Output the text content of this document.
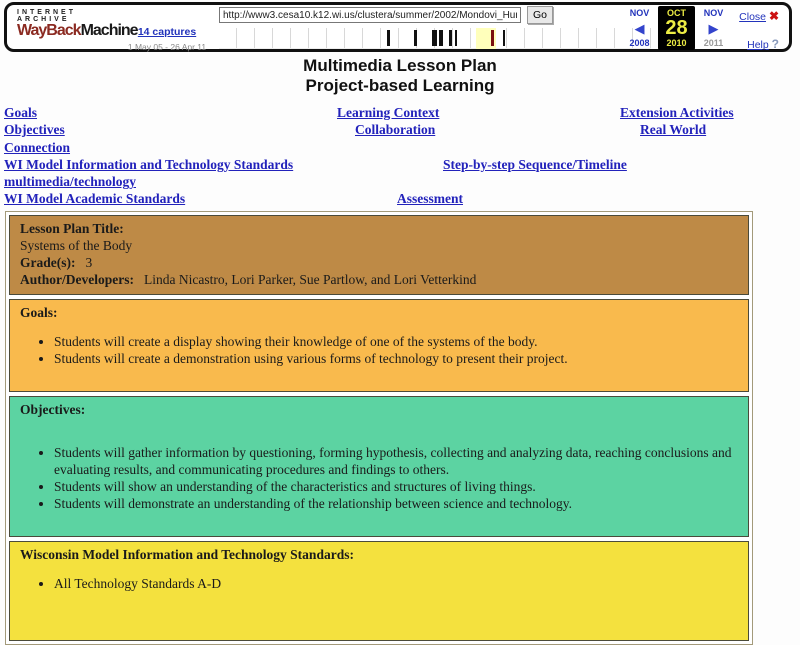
INTERNET ARCHIVE
WayBackMachine 14 captures
1 May 05 - 26 Apr 11
http://www3.cesa10.k12.wi.us/clustera/summer/2002/Mondovi_Human_body/less
Go	NOV
◀
2008
OCT
28
2010
NOV
▶
2011
Close ✖
Help ?
Multimedia Lesson Plan
Project-based Learning
Goals	Learning Context	Extension Activities
Objectives	Collaboration	Real World
Connection
WI Model Information and Technology Standards	Step-by-step Sequence/Timeline
multimedia/technology
WI Model Academic Standards	Assessment
Lesson Plan Title:
Systems of the Body
Grade(s): 3
Author/Developers: Linda Nicastro, Lori Parker, Sue Partlow, and Lori Vetterkind
Goals:
• Students will create a display showing their knowledge of one of the systems of the body.
• Students will create a demonstration using various forms of technology to present their project.
Objectives:
• Students will gather information by questioning, forming hypothesis, collecting and analyzing data, reaching conclusions and evaluating results, and communicating procedures and findings to others.
• Students will show an understanding of the characteristics and structures of living things.
• Students will demonstrate an understanding of the relationship between science and technology.
Wisconsin Model Information and Technology Standards:
• All Technology Standards A-D
